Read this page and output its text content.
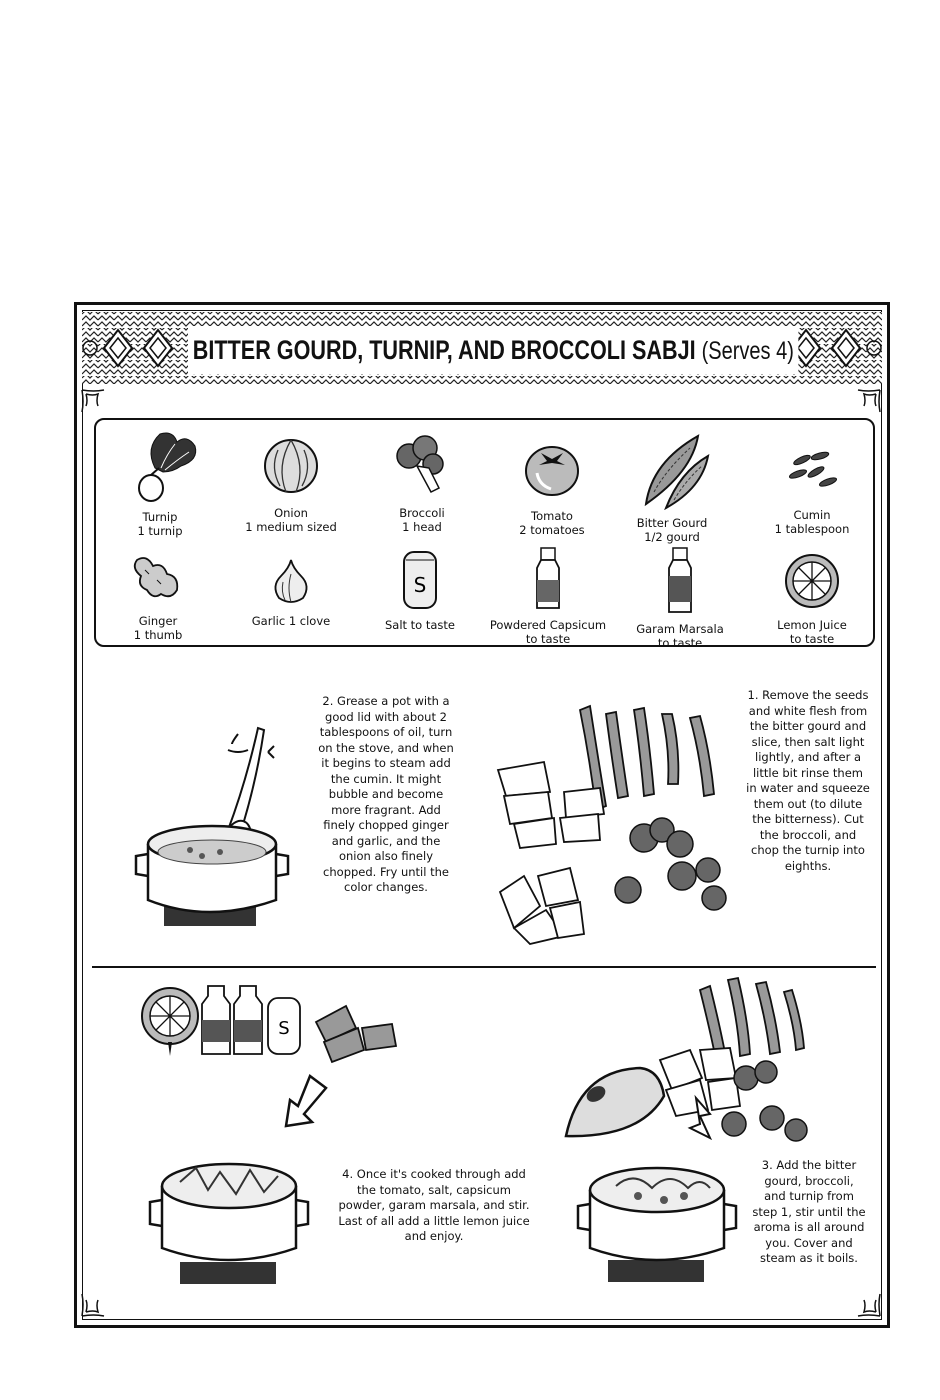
BITTER GOURD, TURNIP, AND BROCCOLI SABJI (Serves 4)
Turnip
1 turnip
Onion
1 medium sized
Broccoli
1 head
Tomato
2 tomatoes	Bitter Gourd
1/2 gourd
Cumin
1 tablespoon
Ginger
1 thumb
Garlic 1 clove
S
Salt to taste	Powdered Capsicum
to taste
Garam Marsala
to taste
Lemon Juice
to taste
2. Grease a pot with a good lid with about 2 tablespoons of oil, turn on the stove, and when it begins to steam add the cumin. It might bubble and become more fragrant. Add finely chopped ginger and garlic, and the onion also finely chopped. Fry until the color changes.
1. Remove the seeds and white flesh from the bitter gourd and slice, then salt light lightly, and after a little bit rinse them in water and squeeze them out (to dilute the bitterness). Cut the broccoli, and chop the turnip into eighths.
S
4. Once it's cooked through add the tomato, salt, capsicum powder, garam marsala, and stir. Last of all add a little lemon juice and enjoy.
3. Add the bitter gourd, broccoli, and turnip from step 1, stir until the aroma is all around you. Cover and steam as it boils.
